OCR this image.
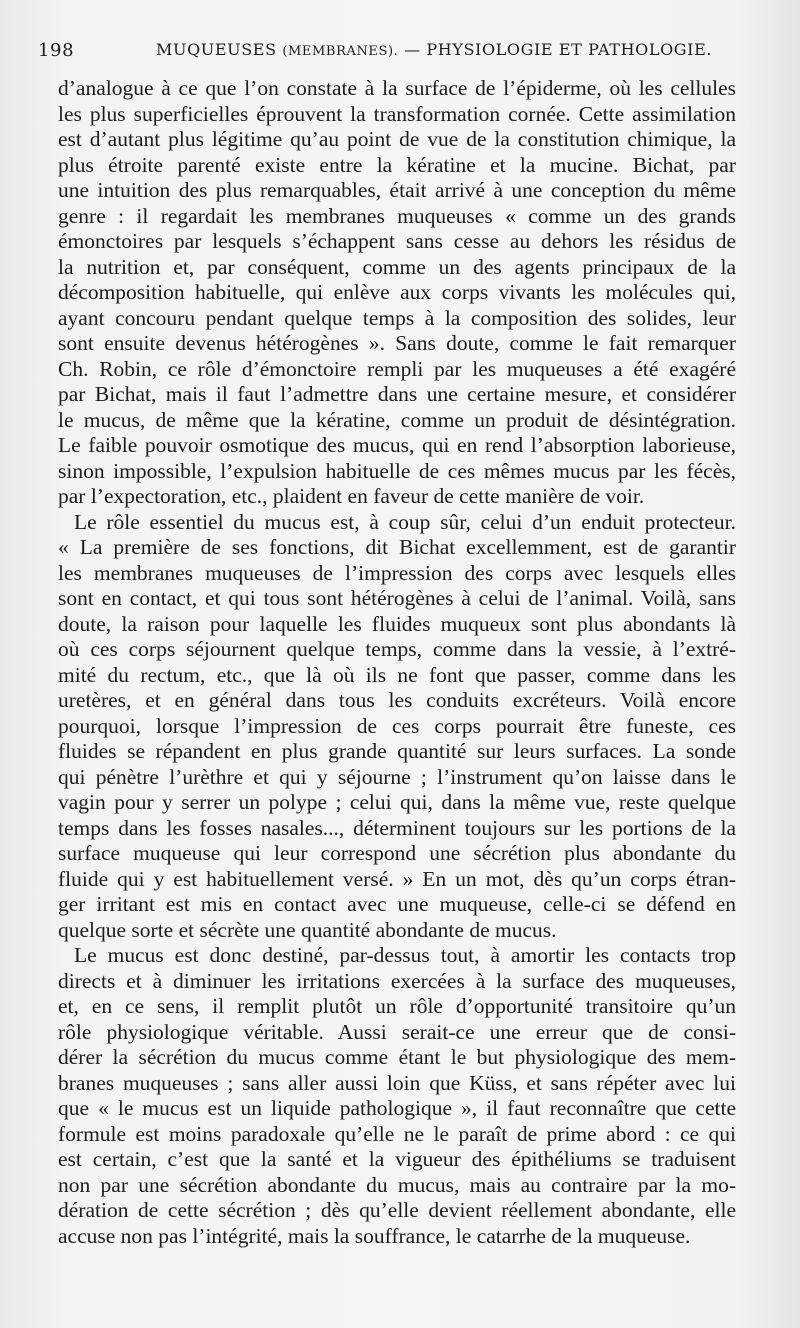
198	MUQUEUSES (MEMBRANES). — PHYSIOLOGIE ET PATHOLOGIE.
d’analogue à ce que l’on constate à la surface de l’épiderme, où les cellules
les plus superficielles éprouvent la transformation cornée. Cette assimilation
est d’autant plus légitime qu’au point de vue de la constitution chimique, la
plus étroite parenté existe entre la kératine et la mucine. Bichat, par
une intuition des plus remarquables, était arrivé à une conception du même
genre : il regardait les membranes muqueuses « comme un des grands
émonctoires par lesquels s’échappent sans cesse au dehors les résidus de
la nutrition et, par conséquent, comme un des agents principaux de la
décomposition habituelle, qui enlève aux corps vivants les molécules qui,
ayant concouru pendant quelque temps à la composition des solides, leur
sont ensuite devenus hétérogènes ». Sans doute, comme le fait remarquer
Ch. Robin, ce rôle d’émonctoire rempli par les muqueuses a été exagéré
par Bichat, mais il faut l’admettre dans une certaine mesure, et considérer
le mucus, de même que la kératine, comme un produit de désintégration.
Le faible pouvoir osmotique des mucus, qui en rend l’absorption laborieuse,
sinon impossible, l’expulsion habituelle de ces mêmes mucus par les fécès,
par l’expectoration, etc., plaident en faveur de cette manière de voir.
Le rôle essentiel du mucus est, à coup sûr, celui d’un enduit protecteur.
« La première de ses fonctions, dit Bichat excellemment, est de garantir
les membranes muqueuses de l’impression des corps avec lesquels elles
sont en contact, et qui tous sont hétérogènes à celui de l’animal. Voilà, sans
doute, la raison pour laquelle les fluides muqueux sont plus abondants là
où ces corps séjournent quelque temps, comme dans la vessie, à l’extré-
mité du rectum, etc., que là où ils ne font que passer, comme dans les
uretères, et en général dans tous les conduits excréteurs. Voilà encore
pourquoi, lorsque l’impression de ces corps pourrait être funeste, ces
fluides se répandent en plus grande quantité sur leurs surfaces. La sonde
qui pénètre l’urèthre et qui y séjourne ; l’instrument qu’on laisse dans le
vagin pour y serrer un polype ; celui qui, dans la même vue, reste quelque
temps dans les fosses nasales..., déterminent toujours sur les portions de la
surface muqueuse qui leur correspond une sécrétion plus abondante du
fluide qui y est habituellement versé. » En un mot, dès qu’un corps étran-
ger irritant est mis en contact avec une muqueuse, celle-ci se défend en
quelque sorte et sécrète une quantité abondante de mucus.
Le mucus est donc destiné, par-dessus tout, à amortir les contacts trop
directs et à diminuer les irritations exercées à la surface des muqueuses,
et, en ce sens, il remplit plutôt un rôle d’opportunité transitoire qu’un
rôle physiologique véritable. Aussi serait-ce une erreur que de consi-
dérer la sécrétion du mucus comme étant le but physiologique des mem-
branes muqueuses ; sans aller aussi loin que Küss, et sans répéter avec lui
que « le mucus est un liquide pathologique », il faut reconnaître que cette
formule est moins paradoxale qu’elle ne le paraît de prime abord : ce qui
est certain, c’est que la santé et la vigueur des épithéliums se traduisent
non par une sécrétion abondante du mucus, mais au contraire par la mo-
dération de cette sécrétion ; dès qu’elle devient réellement abondante, elle
accuse non pas l’intégrité, mais la souffrance, le catarrhe de la muqueuse.
